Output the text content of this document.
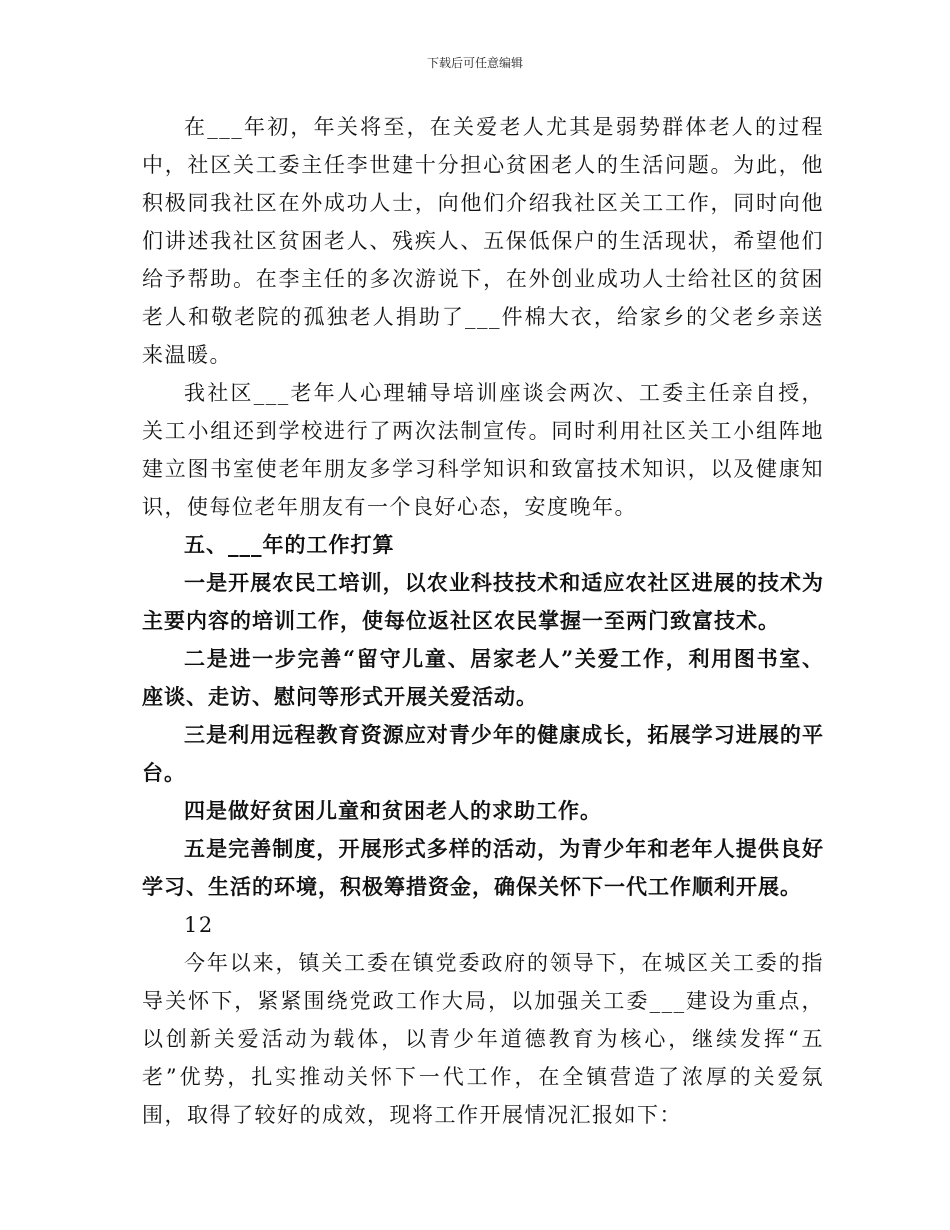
下载后可任意编辑

在___年初，年关将至，在关爱老人尤其是弱势群体老人的过程中，社区关工委主任李世建十分担心贫困老人的生活问题。为此，他积极同我社区在外成功人士，向他们介绍我社区关工工作，同时向他们讲述我社区贫困老人、残疾人、五保低保户的生活现状，希望他们给予帮助。在李主任的多次游说下，在外创业成功人士给社区的贫困老人和敬老院的孤独老人捐助了___件棉大衣，给家乡的父老乡亲送来温暖。

我社区___老年人心理辅导培训座谈会两次、工委主任亲自授，关工小组还到学校进行了两次法制宣传。同时利用社区关工小组阵地建立图书室使老年朋友多学习科学知识和致富技术知识，以及健康知识，使每位老年朋友有一个良好心态，安度晚年。

五、___年的工作打算

一是开展农民工培训，以农业科技技术和适应农社区进展的技术为主要内容的培训工作，使每位返社区农民掌握一至两门致富技术。

二是进一步完善“留守儿童、居家老人”关爱工作，利用图书室、座谈、走访、慰问等形式开展关爱活动。

三是利用远程教育资源应对青少年的健康成长，拓展学习进展的平台。

四是做好贫困儿童和贫困老人的求助工作。

五是完善制度，开展形式多样的活动，为青少年和老年人提供良好学习、生活的环境，积极筹措资金，确保关怀下一代工作顺利开展。

12

今年以来，镇关工委在镇党委政府的领导下，在城区关工委的指导关怀下，紧紧围绕党政工作大局，以加强关工委___建设为重点，以创新关爱活动为载体，以青少年道德教育为核心，继续发挥“五老”优势，扎实推动关怀下一代工作，在全镇营造了浓厚的关爱氛围，取得了较好的成效，现将工作开展情况汇报如下：
